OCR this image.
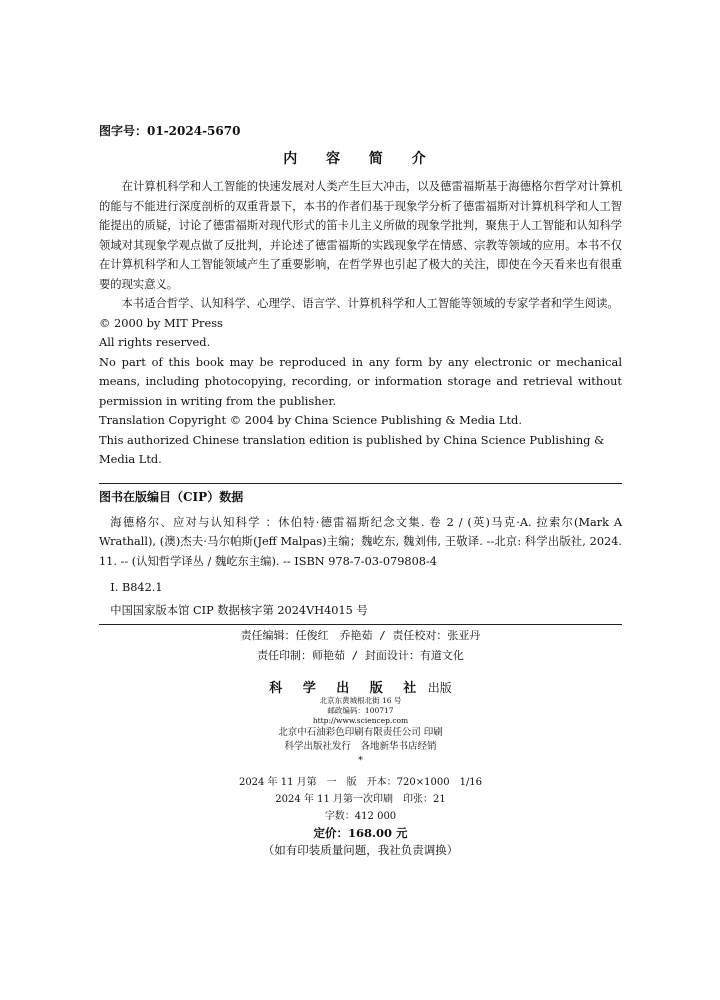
图字号：01-2024-5670
内 容 简 介

在计算机科学和人工智能的快速发展对人类产生巨大冲击，以及德雷福斯基于海德格尔哲学对计算机的能与不能进行深度剖析的双重背景下，本书的作者们基于现象学分析了德雷福斯对计算机科学和人工智能提出的质疑，讨论了德雷福斯对现代形式的笛卡儿主义所做的现象学批判，聚焦于人工智能和认知科学领域对其现象学观点做了反批判，并论述了德雷福斯的实践现象学在情感、宗教等领域的应用。本书不仅在计算机科学和人工智能领域产生了重要影响，在哲学界也引起了极大的关注，即使在今天看来也有很重要的现实意义。

本书适合哲学、认知科学、心理学、语言学、计算机科学和人工智能等领域的专家学者和学生阅读。

© 2000 by MIT Press

All rights reserved.

No part of this book may be reproduced in any form by any electronic or mechanical means, including photocopying, recording, or information storage and retrieval without permission in writing from the publisher.

Translation Copyright © 2004 by China Science Publishing & Media Ltd.

This authorized Chinese translation edition is published by China Science Publishing & Media Ltd.

图书在版编目（CIP）数据

海德格尔、应对与认知科学 ：休伯特·德雷福斯纪念文集. 卷 2 / (英)马克·A. 拉索尔(Mark A Wrathall), (澳)杰夫·马尔帕斯(Jeff Malpas)主编；魏屹东, 魏刘伟, 王敬译. --北京: 科学出版社, 2024. 11. -- (认知哲学译丛 / 魏屹东主编). -- ISBN 978-7-03-079808-4

Ⅰ. B842.1
中国国家版本馆 CIP 数据核字第 2024VH4015 号
责任编辑：任俊红　乔艳茹 / 责任校对：张亚丹
责任印制：师艳茹 / 封面设计：有道文化
科 学 出 版 社 出版
北京东黄城根北街 16 号
邮政编码：100717
http://www.sciencep.com
北京中石油彩色印刷有限责任公司 印刷
科学出版社发行　各地新华书店经销
*
2024 年 11 月第　一　版　开本：720×1000　1/16
2024 年 11 月第一次印刷　印张：21
字数：412 000
定价：168.00 元
（如有印装质量问题，我社负责调换）
